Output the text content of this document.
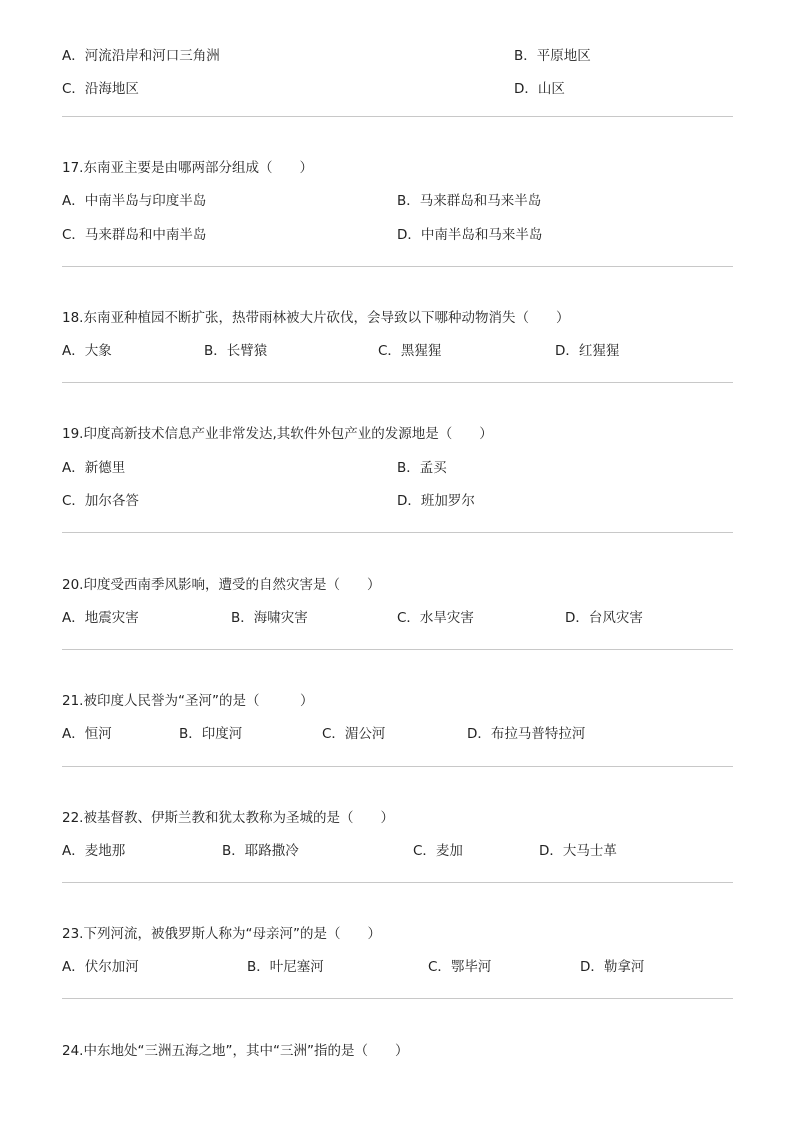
A．河流沿岸和河口三角洲	B．平原地区
C．沿海地区	D．山区
17.东南亚主要是由哪两部分组成（　　）
A．中南半岛与印度半岛	B．马来群岛和马来半岛
C．马来群岛和中南半岛	D．中南半岛和马来半岛
18.东南亚种植园不断扩张，热带雨林被大片砍伐，会导致以下哪种动物消失（　　）
A．大象	B．长臂猿	C．黑猩猩	D．红猩猩
19.印度高新技术信息产业非常发达,其软件外包产业的发源地是（　　）
A．新德里	B．孟买
C．加尔各答	D．班加罗尔
20.印度受西南季风影响，遭受的自然灾害是（　　）
A．地震灾害	B．海啸灾害	C．水旱灾害	D．台风灾害
21.被印度人民誉为“圣河”的是（　　　）
A．恒河	B．印度河	C．湄公河	D．布拉马普特拉河
22.被基督教、伊斯兰教和犹太教称为圣城的是（　　）
A．麦地那	B．耶路撒冷	C．麦加	D．大马士革
23.下列河流，被俄罗斯人称为“母亲河”的是（　　）
A．伏尔加河	B．叶尼塞河	C．鄂毕河	D．勒拿河
24.中东地处“三洲五海之地”，其中“三洲”指的是（　　）
